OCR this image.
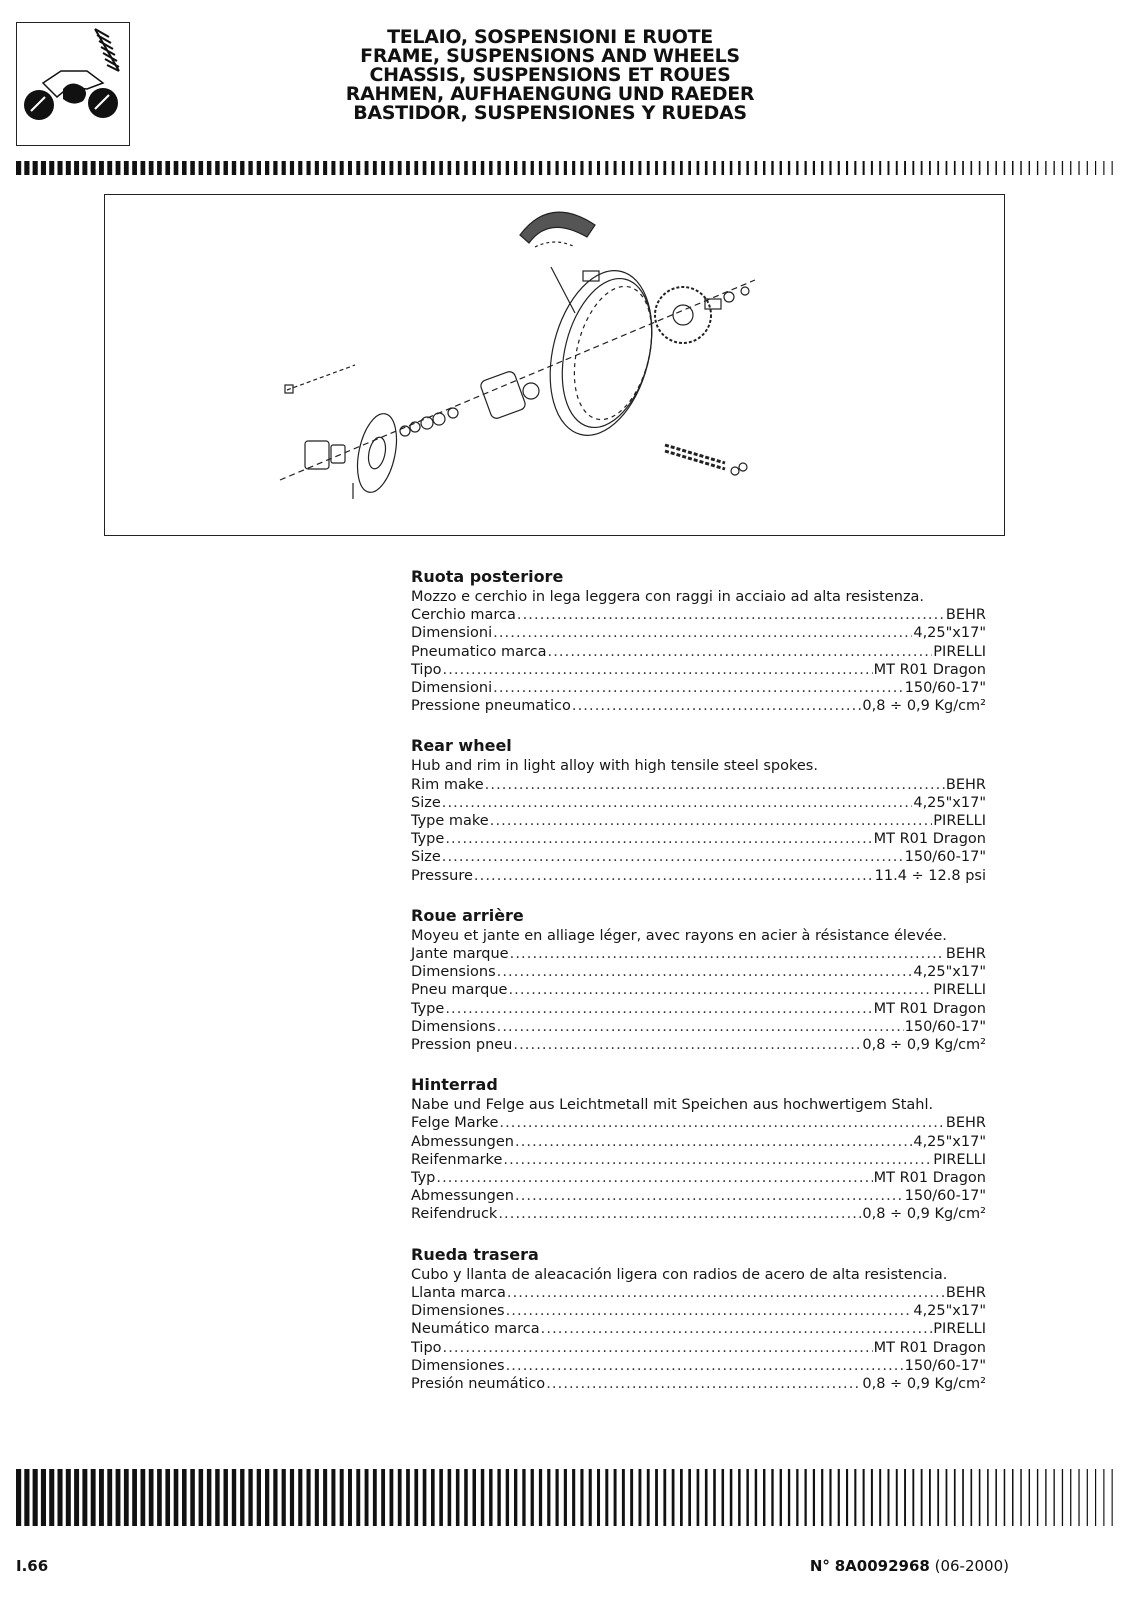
TELAIO, SOSPENSIONI E RUOTE
FRAME, SUSPENSIONS AND WHEELS
CHASSIS, SUSPENSIONS ET ROUES
RAHMEN, AUFHAENGUNG UND RAEDER
BASTIDOR, SUSPENSIONES Y RUEDAS
Ruota posteriore
Mozzo e cerchio in lega leggera con raggi in acciaio ad alta resistenza.
Cerchio marca .....	BEHR
Dimensioni .....	4,25"x17"
Pneumatico marca .....	PIRELLI
Tipo .....	MT R01 Dragon
Dimensioni .....	150/60-17"
Pressione pneumatico .....	0,8 ÷ 0,9 Kg/cm²
Rear wheel
Hub and rim in light alloy with high tensile steel spokes.
Rim make .....	BEHR
Size .....	4,25"x17"
Type make .....	PIRELLI
Type .....	MT R01 Dragon
Size .....	150/60-17"
Pressure .....	11.4 ÷ 12.8 psi
Roue arrière
Moyeu et jante en alliage léger, avec rayons en acier à résistance élevée.
Jante marque .....	BEHR
Dimensions .....	4,25"x17"
Pneu marque .....	PIRELLI
Type .....	MT R01 Dragon
Dimensions .....	150/60-17"
Pression pneu .....	0,8 ÷ 0,9 Kg/cm²
Hinterrad
Nabe und Felge aus Leichtmetall mit Speichen aus hochwertigem Stahl.
Felge Marke .....	BEHR
Abmessungen .....	4,25"x17"
Reifenmarke .....	PIRELLI
Typ .....	MT R01 Dragon
Abmessungen .....	150/60-17"
Reifendruck .....	0,8 ÷ 0,9 Kg/cm²
Rueda trasera
Cubo y llanta de aleacación ligera con radios de acero de alta resistencia.
Llanta marca .....	BEHR
Dimensiones .....	4,25"x17"
Neumático marca .....	PIRELLI
Tipo .....	MT R01 Dragon
Dimensiones .....	150/60-17"
Presión neumático .....	0,8 ÷ 0,9 Kg/cm²
I.66	N° 8A0092968 (06-2000)
